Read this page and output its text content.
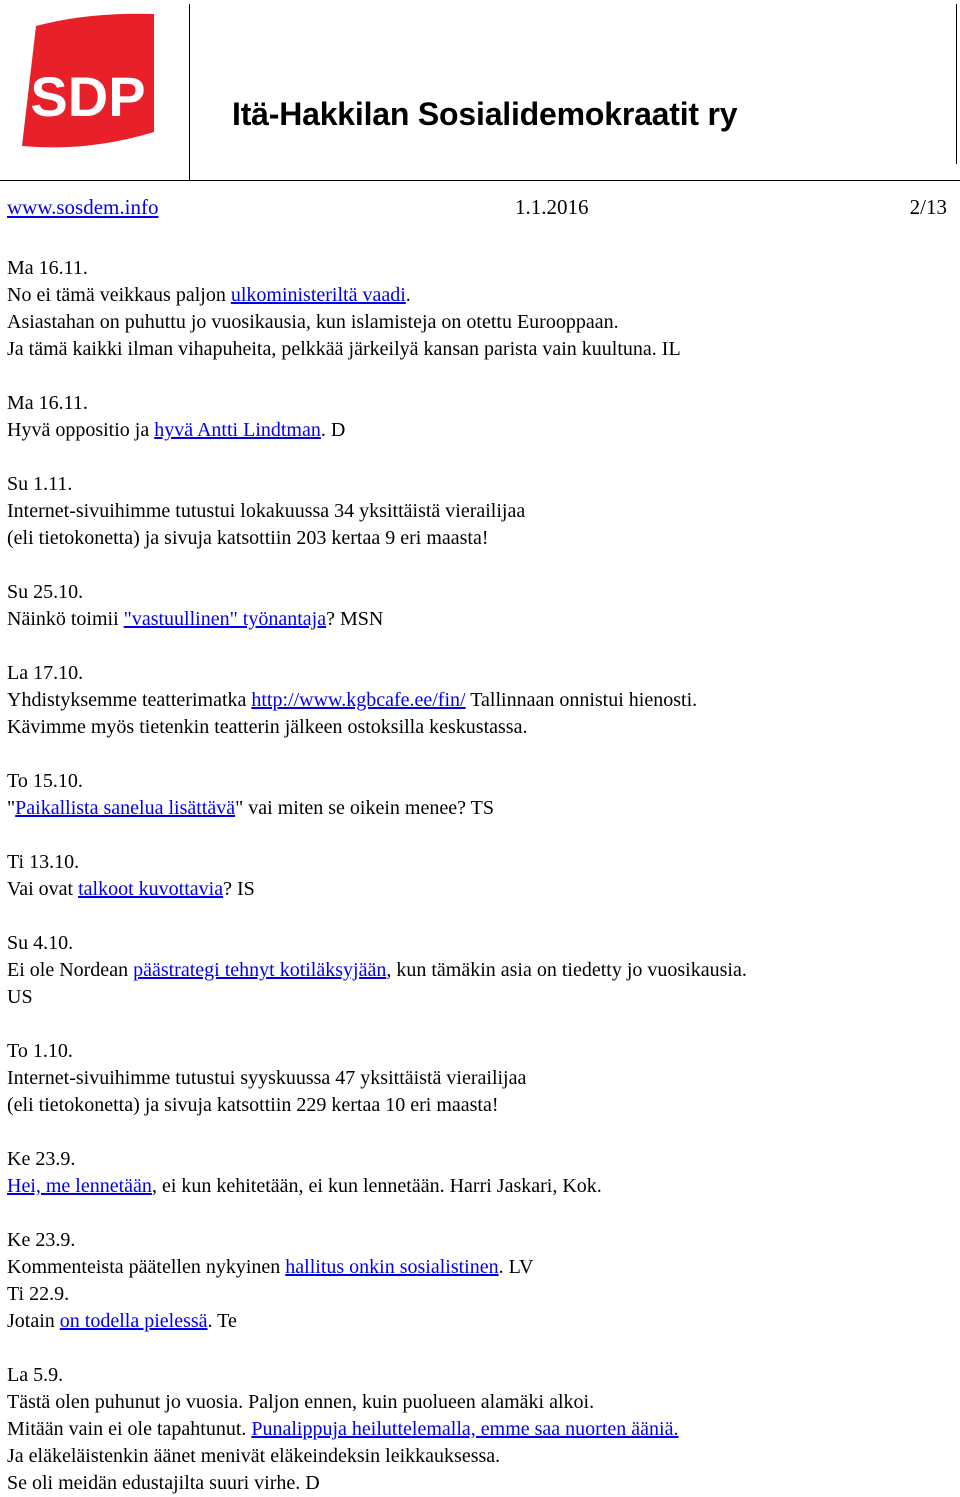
SDP	Itä-Hakkilan Sosialidemokraatit ry
www.sosdem.info	1.1.2016	2/13
Ma 16.11.
No ei tämä veikkaus paljon ulkoministeriltä vaadi.
Asiastahan on puhuttu jo vuosikausia, kun islamisteja on otettu Eurooppaan.
Ja tämä kaikki ilman vihapuheita, pelkkää järkeilyä kansan parista vain kuultuna. IL
Ma 16.11.
Hyvä oppositio ja hyvä Antti Lindtman. D
Su 1.11.
Internet-sivuihimme tutustui lokakuussa 34 yksittäistä vierailijaa
(eli tietokonetta) ja sivuja katsottiin 203 kertaa 9 eri maasta!
Su 25.10.
Näinkö toimii "vastuullinen" työnantaja? MSN
La 17.10.
Yhdistyksemme teatterimatka http://www.kgbcafe.ee/fin/ Tallinnaan onnistui hienosti.
Kävimme myös tietenkin teatterin jälkeen ostoksilla keskustassa.
To 15.10.
"Paikallista sanelua lisättävä" vai miten se oikein menee? TS
Ti 13.10.
Vai ovat talkoot kuvottavia? IS
Su 4.10.
Ei ole Nordean päästrategi tehnyt kotiläksyjään, kun tämäkin asia on tiedetty jo vuosikausia.
US
To 1.10.
Internet-sivuihimme tutustui syyskuussa 47 yksittäistä vierailijaa
(eli tietokonetta) ja sivuja katsottiin 229 kertaa 10 eri maasta!
Ke 23.9.
Hei, me lennetään, ei kun kehitetään, ei kun lennetään. Harri Jaskari, Kok.
Ke 23.9.
Kommenteista päätellen nykyinen hallitus onkin sosialistinen. LV
Ti 22.9.
Jotain on todella pielessä. Te
La 5.9.
Tästä olen puhunut jo vuosia. Paljon ennen, kuin puolueen alamäki alkoi.
Mitään vain ei ole tapahtunut. Punalippuja heiluttelemalla, emme saa nuorten ääniä.
Ja eläkeläistenkin äänet menivät eläkeindeksin leikkauksessa.
Se oli meidän edustajilta suuri virhe. D
